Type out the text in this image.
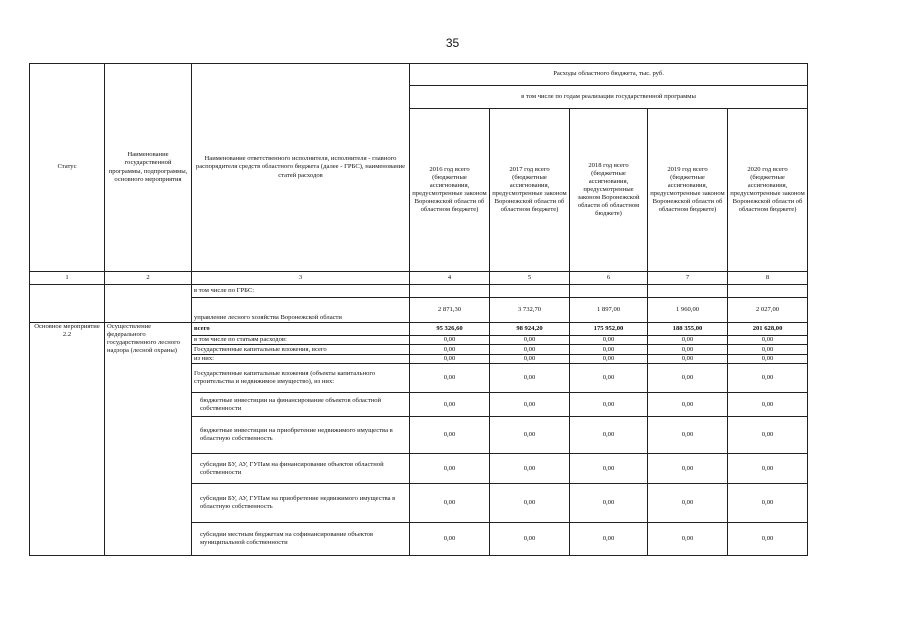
35
Статус	Наименование государственной программы, подпрограммы, основного мероприятия	Наименование ответственного исполнителя, исполнителя - главного распорядителя средств областного бюджета (далее - ГРБС), наименование статей расходов	Расходы областного бюджета, тыс. руб.				
			в том числе по годам реализации государственной программы				
			2016 год всего (бюджетные ассигнования, предусмотренные законом Воронежской области об областном бюджете)	2017 год всего (бюджетные ассигнования, предусмотренные законом Воронежской области об областном бюджете)	2018 год всего (бюджетные ассигнования, предусмотренные законом Воронежской области об областном бюджете)	2019 год всего (бюджетные ассигнования, предусмотренные законом Воронежской области об областном бюджете)	2020 год всего (бюджетные ассигнования, предусмотренные законом Воронежской области об областном бюджете)
1	2	3	4	5	6	7	8
		в том числе по ГРБС:					
		управление лесного хозяйства Воронежской области	2 871,30	3 732,70	1 897,00	1 960,00	2 027,00
Основное мероприятие 2.2	Осуществление федерального государственного лесного надзора (лесной охраны)	всего	95 326,60	98 924,20	175 952,00	188 355,00	201 628,00
		в том числе по статьям расходов:	0,00	0,00	0,00	0,00	0,00
		Государственные капитальные вложения, всего	0,00	0,00	0,00	0,00	0,00
		из них:	0,00	0,00	0,00	0,00	0,00
		Государственные капитальные вложения (объекты капитального строительства и недвижимое имущество), из них:	0,00	0,00	0,00	0,00	0,00
		бюджетные инвестиции на финансирование объектов областной собственности	0,00	0,00	0,00	0,00	0,00
		бюджетные инвестиции на приобретение недвижимого имущества в областную собственность	0,00	0,00	0,00	0,00	0,00
		субсидии БУ, АУ, ГУПам на финансирование объектов областной собственности	0,00	0,00	0,00	0,00	0,00
		субсидии БУ, АУ, ГУПам на приобретение недвижимого имущества в областную собственность	0,00	0,00	0,00	0,00	0,00
		субсидии местным бюджетам на софинансирование объектов муниципальной собственности	0,00	0,00	0,00	0,00	0,00
